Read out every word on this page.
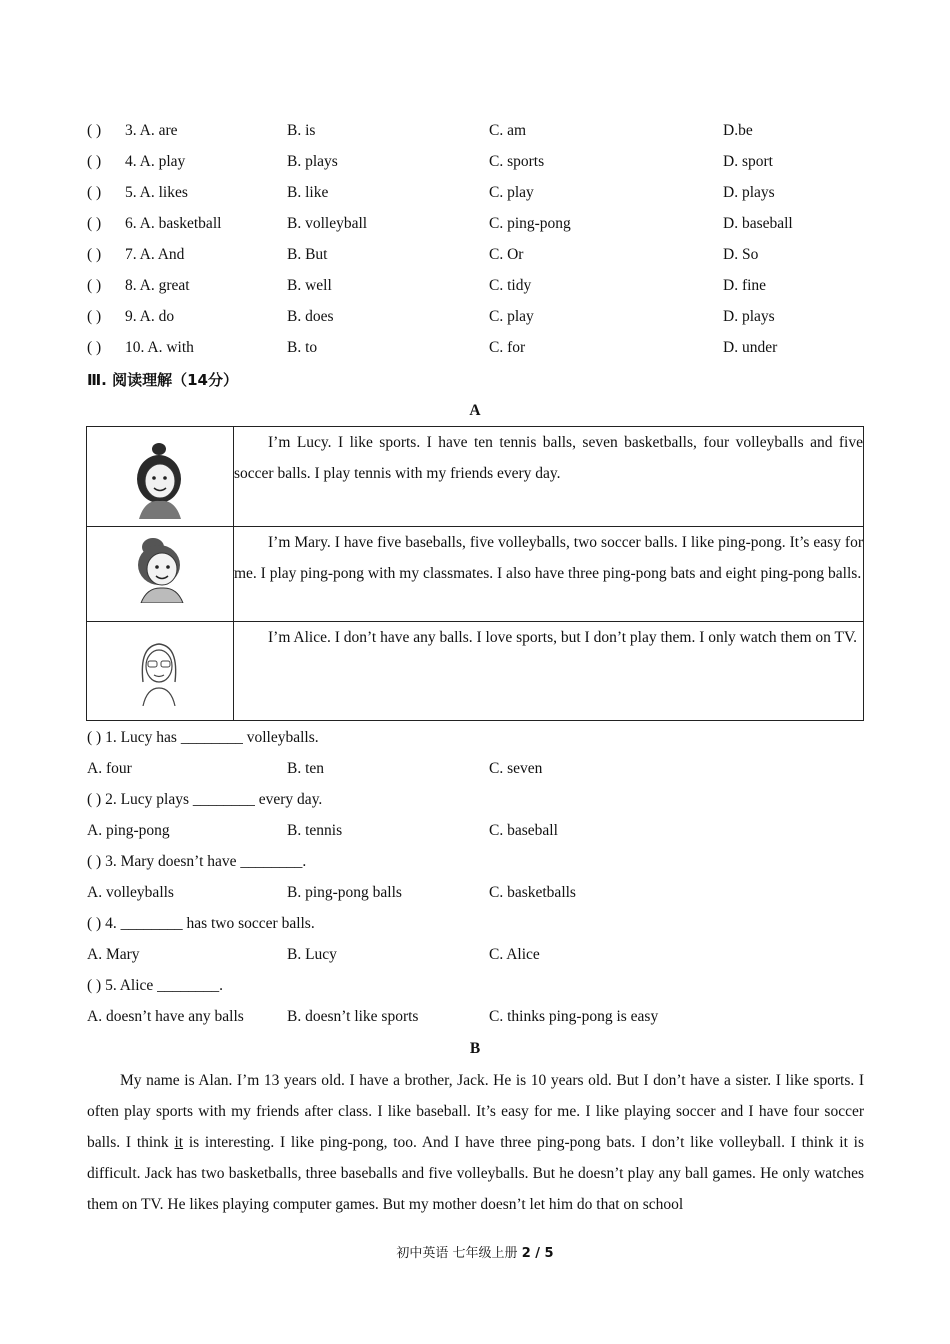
( ) 3. A. are	B. is	C. am	D.be
( ) 4. A. play	B. plays	C. sports	D. sport
( ) 5. A. likes	B. like	C. play	D. plays
( ) 6. A. basketball	B. volleyball	C. ping-pong	D. baseball
( ) 7. A. And	B. But	C. Or	D. So
( ) 8. A. great	B. well	C. tidy	D. fine
( ) 9. A. do	B. does	C. play	D. plays
( ) 10. A. with	B. to	C. for	D. under
Ⅲ. 阅读理解（14分）
A
	I’m Lucy. I like sports. I have ten tennis balls, seven basketballs, four volleyballs and five soccer balls. I play tennis with my friends every day.

	I’m Mary. I have five baseballs, five volleyballs, two soccer balls. I like ping-pong. It’s easy for me. I play ping-pong with my classmates. I also have three ping-pong bats and eight ping-pong balls.

	I’m Alice. I don’t have any balls. I love sports, but I don’t play them. I only watch them on TV.
( ) 1. Lucy has ________ volleyballs.
A. four	B. ten	C. seven
( ) 2. Lucy plays ________ every day.
A. ping-pong	B. tennis	C. baseball
( ) 3. Mary doesn’t have ________.
A. volleyballs	B. ping-pong balls	C. basketballs
( ) 4. ________ has two soccer balls.
A. Mary	B. Lucy	C. Alice
( ) 5. Alice ________.
A. doesn’t have any balls	B. doesn’t like sports	C. thinks ping-pong is easy
B
My name is Alan. I’m 13 years old. I have a brother, Jack. He is 10 years old. But I don’t have a sister. I like sports. I often play sports with my friends after class. I like baseball. It’s easy for me. I like playing soccer and I have four soccer balls. I think it is interesting. I like ping-pong, too. And I have three ping-pong bats. I don’t like volleyball. I think it is difficult. Jack has two basketballs, three baseballs and five volleyballs. But he doesn’t play any ball games. He only watches them on TV. He likes playing computer games. But my mother doesn’t let him do that on school
初中英语 七年级上册 2 / 5
